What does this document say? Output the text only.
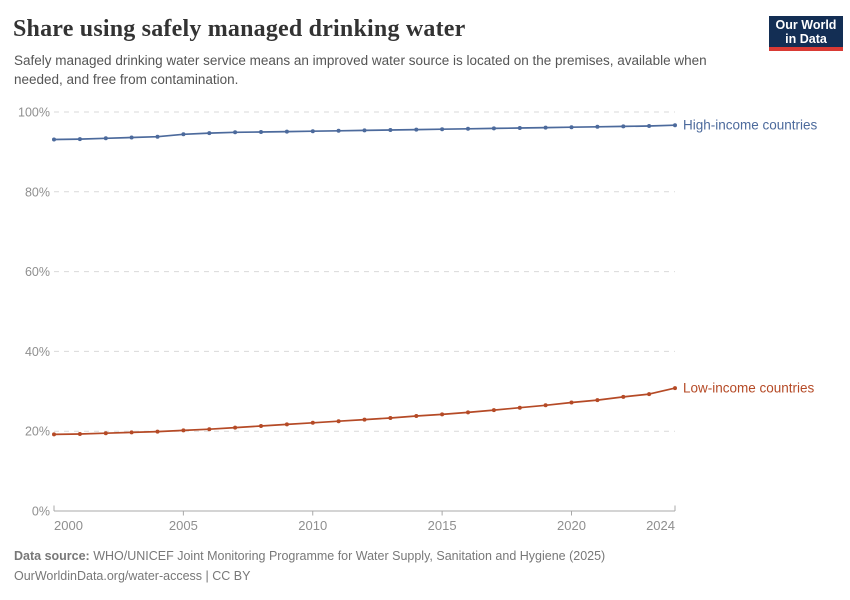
0%
20%
40%
60%
80%
100%
2000	2005	2010	2015	2020	2024
High-income countries
Low-income countries
Share using safely managed drinking water
Safely managed drinking water service means an improved water source is located on the premises, available when needed, and free from contamination.
Our World
in Data
Data source: WHO/UNICEF Joint Monitoring Programme for Water Supply, Sanitation and Hygiene (2025)
OurWorldinData.org/water-access | CC BY
